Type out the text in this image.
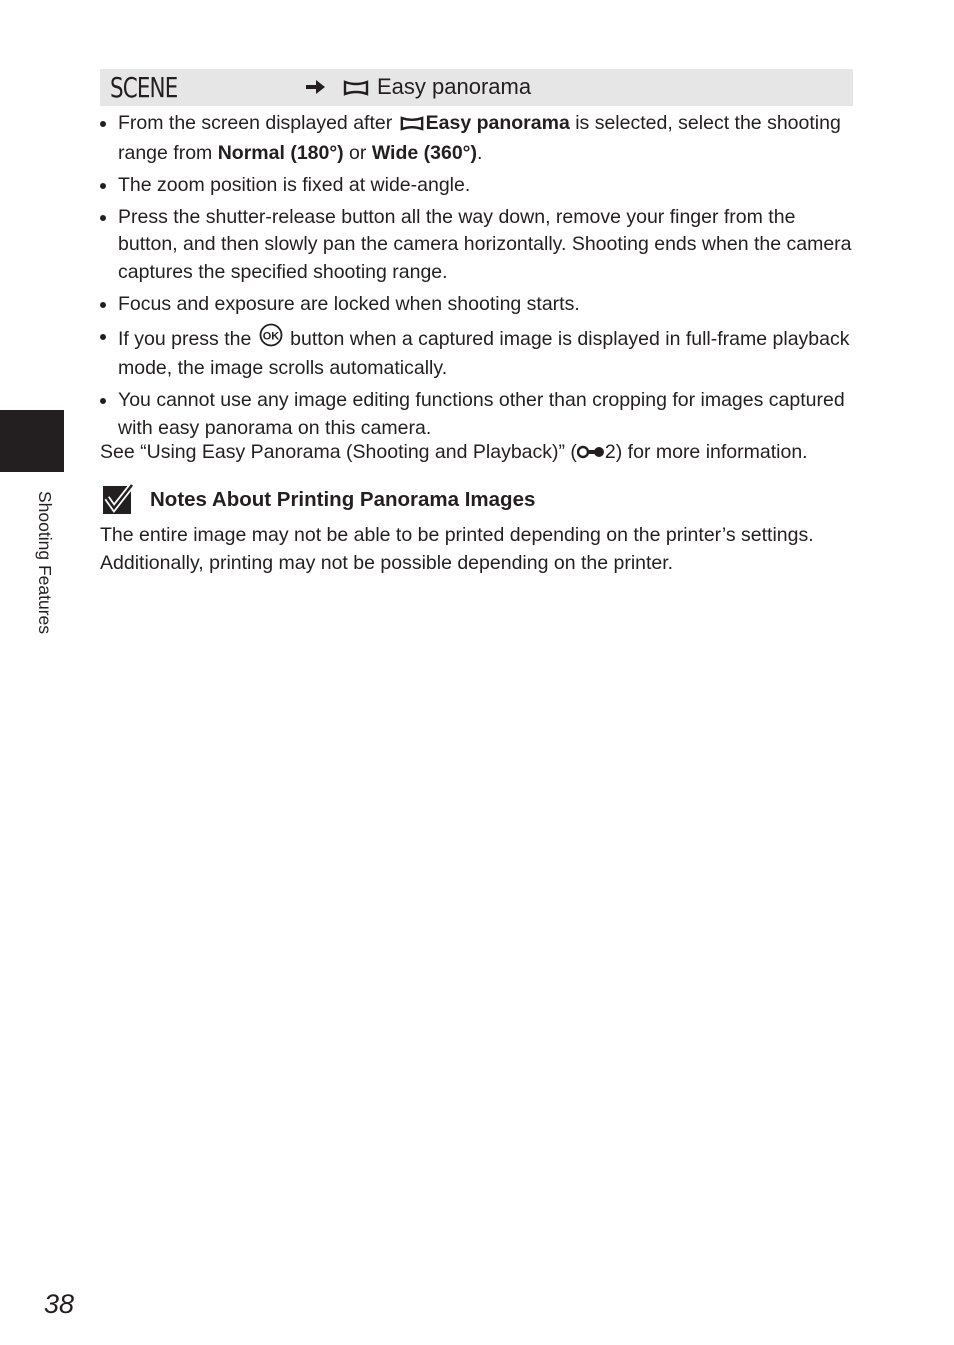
SCENE	Easy panorama
From the screen displayed after Easy panorama is selected, select the shooting range from Normal (180°) or Wide (360°).
The zoom position is fixed at wide-angle.
Press the shutter-release button all the way down, remove your finger from the button, and then slowly pan the camera horizontally. Shooting ends when the camera captures the specified shooting range.
Focus and exposure are locked when shooting starts.
If you press the OK button when a captured image is displayed in full-frame playback mode, the image scrolls automatically.
You cannot use any image editing functions other than cropping for images captured with easy panorama on this camera.
See “Using Easy Panorama (Shooting and Playback)” ( 2) for more information.
Notes About Printing Panorama Images
The entire image may not be able to be printed depending on the printer’s settings. Additionally, printing may not be possible depending on the printer.
Shooting Features
38
